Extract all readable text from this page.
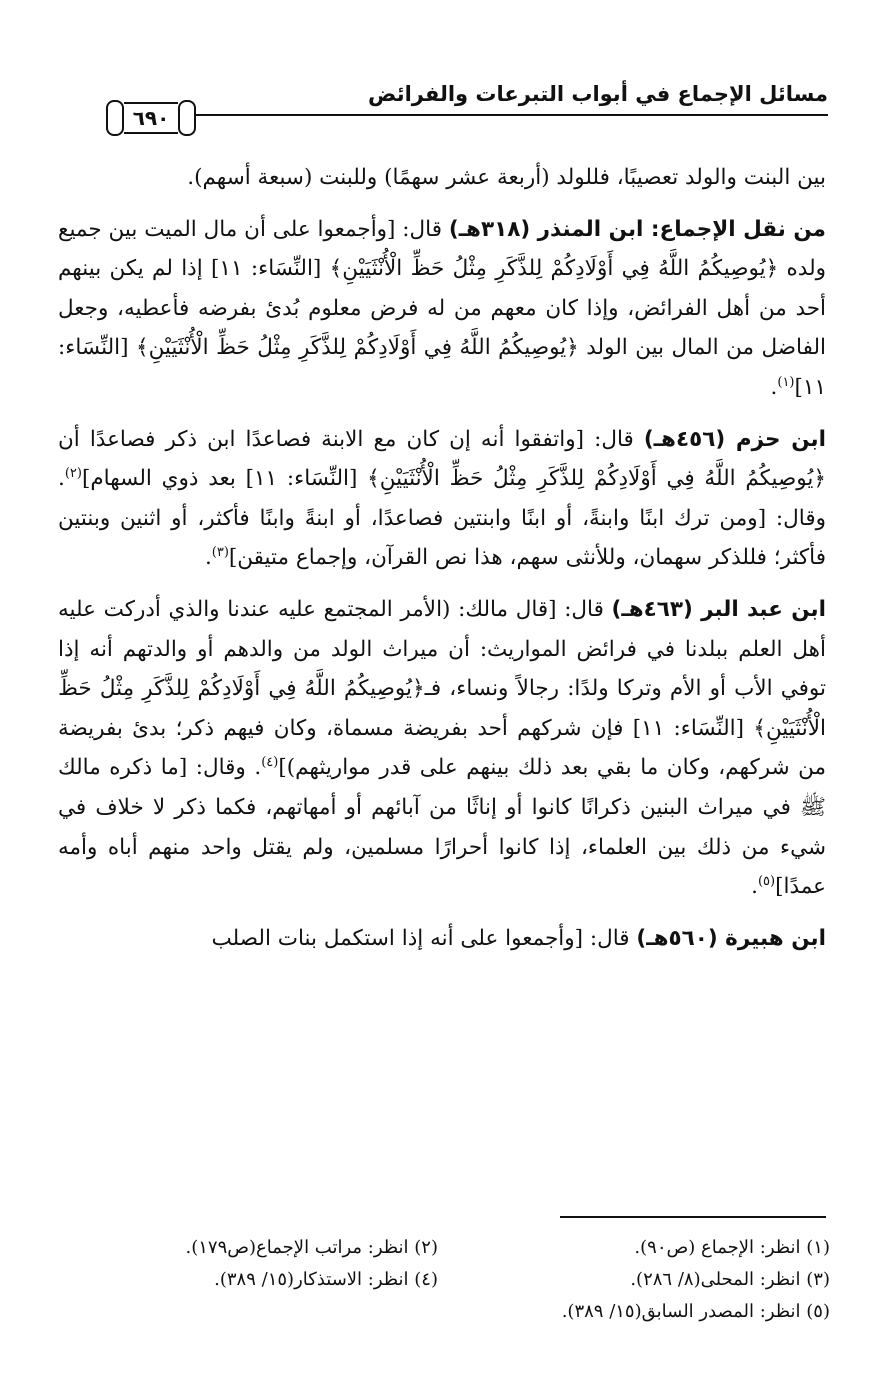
مسائل الإجماع في أبواب التبرعات والفرائض
٦٩٠

بين البنت والولد تعصيبًا، فللولد (أربعة عشر سهمًا) وللبنت (سبعة أسهم).

من نقل الإجماع: ابن المنذر (٣١٨هـ) قال: [وأجمعوا على أن مال الميت بين جميع ولده ﴿يُوصِيكُمُ اللَّهُ فِي أَوْلَادِكُمْ لِلذَّكَرِ مِثْلُ حَظِّ الْأُنْثَيَيْنِ﴾ [النِّسَاء: ١١] إذا لم يكن بينهم أحد من أهل الفرائض، وإذا كان معهم من له فرض معلوم بُدئ بفرضه فأعطيه، وجعل الفاضل من المال بين الولد ﴿يُوصِيكُمُ اللَّهُ فِي أَوْلَادِكُمْ لِلذَّكَرِ مِثْلُ حَظِّ الْأُنْثَيَيْنِ﴾ [النِّسَاء: ١١]$^{(١)}$.

ابن حزم (٤٥٦هـ) قال: [واتفقوا أنه إن كان مع الابنة فصاعدًا ابن ذكر فصاعدًا أن ﴿يُوصِيكُمُ اللَّهُ فِي أَوْلَادِكُمْ لِلذَّكَرِ مِثْلُ حَظِّ الْأُنْثَيَيْنِ﴾ [النِّسَاء: ١١] بعد ذوي السهام]$^{(٢)}$. وقال: [ومن ترك ابنًا وابنةً، أو ابنًا وابنتين فصاعدًا، أو ابنةً وابنًا فأكثر، أو اثنين وبنتين فأكثر؛ فللذكر سهمان، وللأنثى سهم، هذا نص القرآن، وإجماع متيقن]$^{(٣)}$.

ابن عبد البر (٤٦٣هـ) قال: [قال مالك: (الأمر المجتمع عليه عندنا والذي أدركت عليه أهل العلم ببلدنا في فرائض المواريث: أن ميراث الولد من والدهم أو والدتهم أنه إذا توفي الأب أو الأم وتركا ولدًا: رجالاً ونساء، فـ﴿يُوصِيكُمُ اللَّهُ فِي أَوْلَادِكُمْ لِلذَّكَرِ مِثْلُ حَظِّ الْأُنْثَيَيْنِ﴾ [النِّسَاء: ١١] فإن شركهم أحد بفريضة مسماة، وكان فيهم ذكر؛ بدئ بفريضة من شركهم، وكان ما بقي بعد ذلك بينهم على قدر مواريثهم)]$^{(٤)}$. وقال: [ما ذكره مالك ﷺ في ميراث البنين ذكرانًا كانوا أو إناثًا من آبائهم أو أمهاتهم، فكما ذكر لا خلاف في شيء من ذلك بين العلماء، إذا كانوا أحرارًا مسلمين، ولم يقتل واحد منهم أباه وأمه عمدًا]$^{(٥)}$.

ابن هبيرة (٥٦٠هـ) قال: [وأجمعوا على أنه إذا استكمل بنات الصلب

(١) انظر: الإجماع (ص٩٠).
(٢) انظر: مراتب الإجماع(ص١٧٩).
(٣) انظر: المحلى(٨/ ٢٨٦).
(٤) انظر: الاستذكار(١٥/ ٣٨٩).
(٥) انظر: المصدر السابق(١٥/ ٣٨٩).
